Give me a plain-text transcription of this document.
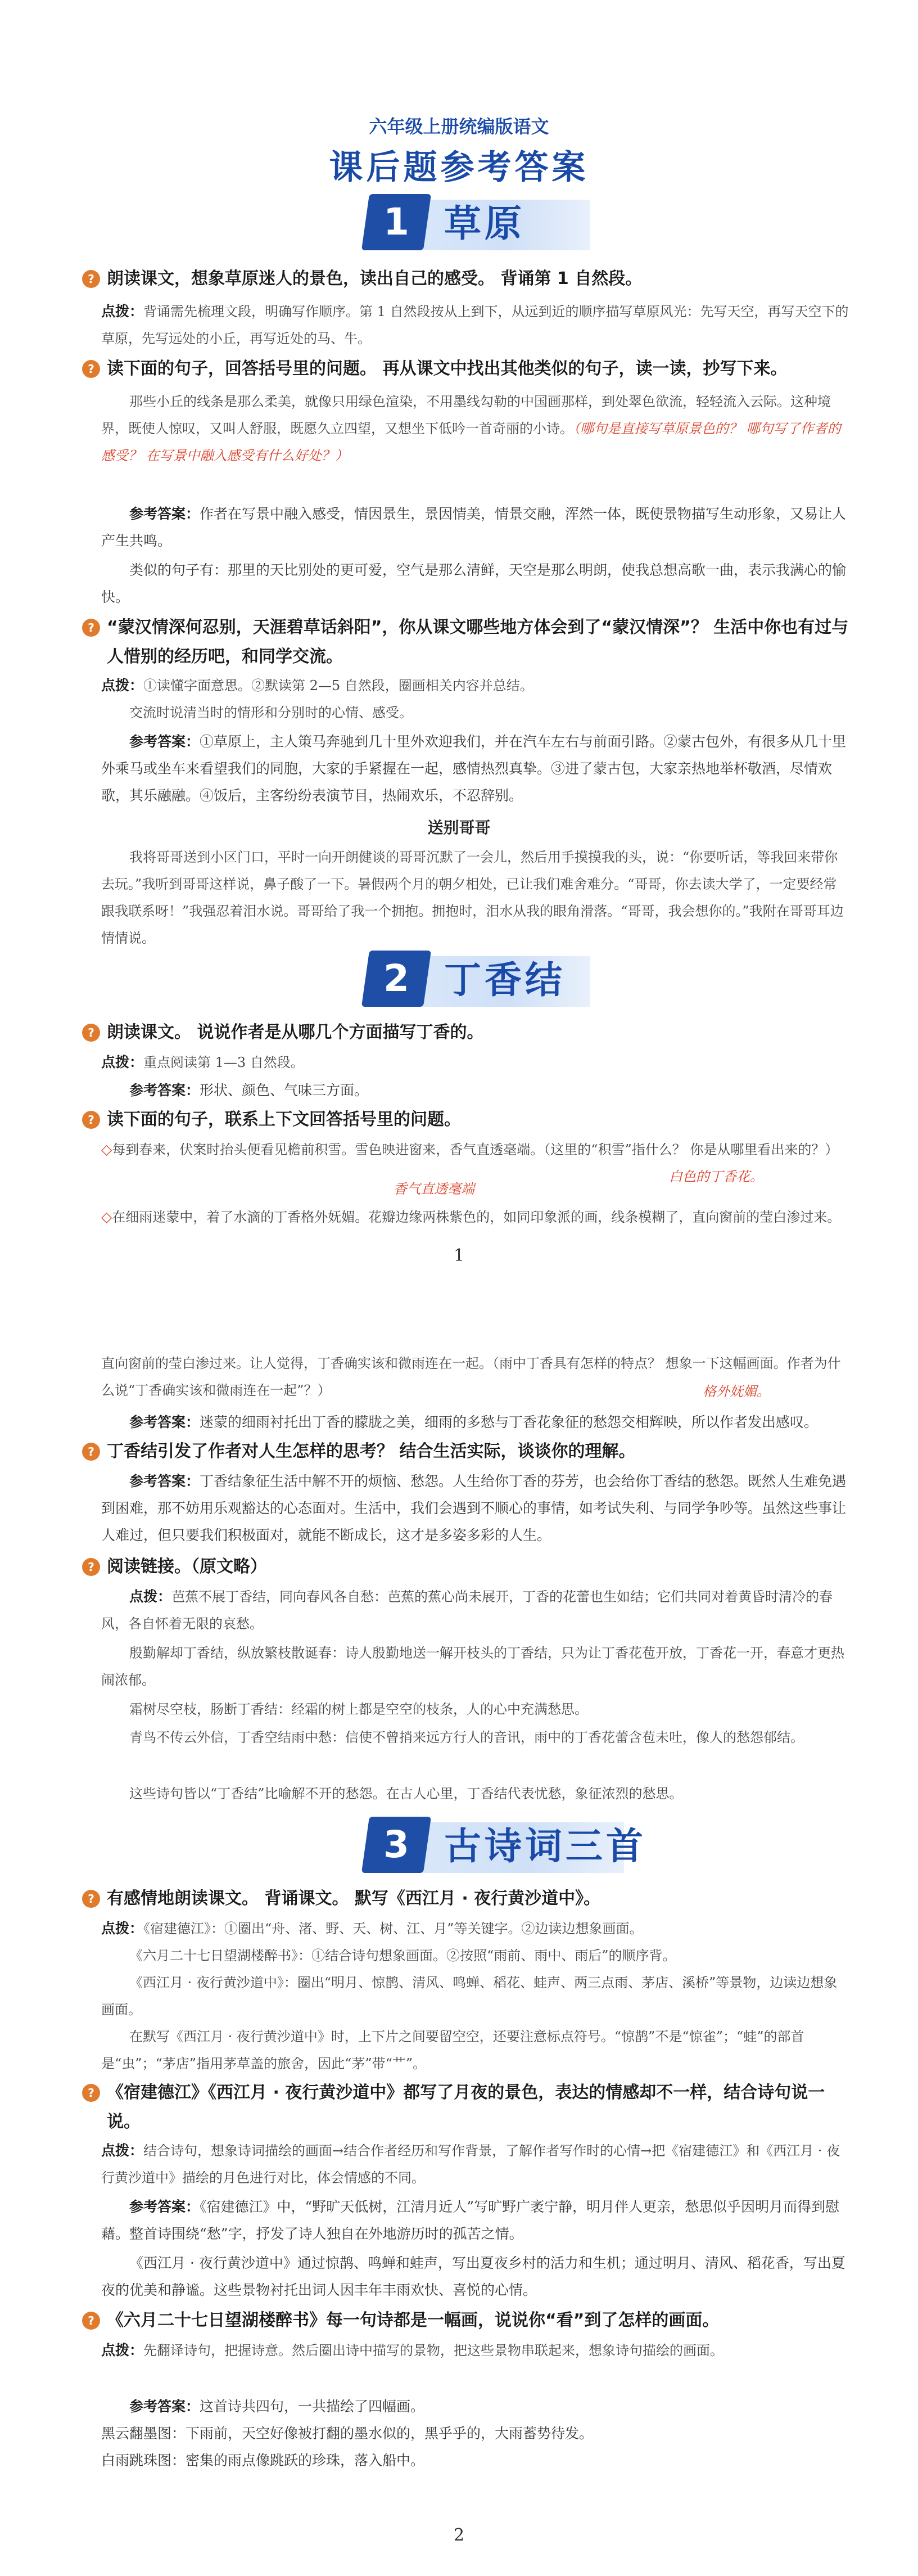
六年级上册统编版语文
课后题参考答案
1 草原
? 朗读课文，想象草原迷人的景色，读出自己的感受。 背诵第 1 自然段。
点拨：背诵需先梳理文段，明确写作顺序。第 1 自然段按从上到下，从远到近的顺序描写草原风光：先写天空，再写天空下的草原，先写远处的小丘，再写近处的马、牛。
? 读下面的句子，回答括号里的问题。 再从课文中找出其他类似的句子，读一读，抄写下来。
那些小丘的线条是那么柔美，就像只用绿色渲染，不用墨线勾勒的中国画那样，到处翠色欲流，轻轻流入云际。这种境界，既使人惊叹，又叫人舒服，既愿久立四望，又想坐下低吟一首奇丽的小诗。（哪句是直接写草原景色的？ 哪句写了作者的感受？ 在写景中融入感受有什么好处？）
参考答案：作者在写景中融入感受，情因景生，景因情美，情景交融，浑然一体，既使景物描写生动形象，又易让人产生共鸣。
类似的句子有：那里的天比别处的更可爱，空气是那么清鲜，天空是那么明朗，使我总想高歌一曲，表示我满心的愉快。
? “蒙汉情深何忍别，天涯碧草话斜阳”，你从课文哪些地方体会到了“蒙汉情深”？ 生活中你也有过与人惜别的经历吧，和同学交流。
点拨：①读懂字面意思。②默读第 2—5 自然段，圈画相关内容并总结。
交流时说清当时的情形和分别时的心情、感受。
参考答案：①草原上，主人策马奔驰到几十里外欢迎我们，并在汽车左右与前面引路。②蒙古包外，有很多从几十里外乘马或坐车来看望我们的同胞，大家的手紧握在一起，感情热烈真挚。③进了蒙古包，大家亲热地举杯敬酒，尽情欢歌，其乐融融。④饭后，主客纷纷表演节目，热闹欢乐，不忍辞别。
送别哥哥
我将哥哥送到小区门口，平时一向开朗健谈的哥哥沉默了一会儿，然后用手摸摸我的头，说：“你要听话，等我回来带你去玩。”我听到哥哥这样说，鼻子酸了一下。暑假两个月的朝夕相处，已让我们难舍难分。“哥哥，你去读大学了，一定要经常跟我联系呀！”我强忍着泪水说。哥哥给了我一个拥抱。拥抱时，泪水从我的眼角滑落。“哥哥，我会想你的。”我附在哥哥耳边情情说。
2 丁香结
? 朗读课文。 说说作者是从哪几个方面描写丁香的。
点拨：重点阅读第 1—3 自然段。
参考答案：形状、颜色、气味三方面。
? 读下面的句子，联系上下文回答括号里的问题。
◇每到春来，伏案时抬头便看见檐前积雪。雪色映进窗来，香气直透毫端。（这里的“积雪”指什么？ 你是从哪里看出来的？）
白色的丁香花。
香气直透毫端
◇在细雨迷蒙中，着了水滴的丁香格外妩媚。花瓣边缘两株紫色的，如同印象派的画，线条模糊了，直向窗前的莹白渗过来。
1
直向窗前的莹白渗过来。让人觉得，丁香确实该和微雨连在一起。（雨中丁香具有怎样的特点？ 想象一下这幅画面。作者为什么说“丁香确实该和微雨连在一起”？）	格外妩媚。
参考答案：迷蒙的细雨衬托出丁香的朦胧之美，细雨的多愁与丁香花象征的愁怨交相辉映，所以作者发出感叹。
? 丁香结引发了作者对人生怎样的思考？ 结合生活实际，谈谈你的理解。
参考答案：丁香结象征生活中解不开的烦恼、愁怨。人生给你丁香的芬芳，也会给你丁香结的愁怨。既然人生难免遇到困难，那不妨用乐观豁达的心态面对。生活中，我们会遇到不顺心的事情，如考试失利、与同学争吵等。虽然这些事让人难过，但只要我们积极面对，就能不断成长，这才是多姿多彩的人生。
? 阅读链接。（原文略）
点拨：芭蕉不展丁香结，同向春风各自愁：芭蕉的蕉心尚未展开，丁香的花蕾也生如结；它们共同对着黄昏时清冷的春风，各自怀着无限的哀愁。
殷勤解却丁香结，纵放繁枝散诞春：诗人殷勤地送一解开枝头的丁香结，只为让丁香花苞开放，丁香花一开，春意才更热闹浓郁。
霜树尽空枝，肠断丁香结：经霜的树上都是空空的枝条，人的心中充满愁思。
青鸟不传云外信，丁香空结雨中愁：信使不曾捎来远方行人的音讯，雨中的丁香花蕾含苞未吐，像人的愁怨郁结。
这些诗句皆以“丁香结”比喻解不开的愁怨。在古人心里，丁香结代表忧愁，象征浓烈的愁思。
3 古诗词三首
? 有感情地朗读课文。 背诵课文。 默写《西江月 · 夜行黄沙道中》。
点拨：《宿建德江》：①圈出“舟、渚、野、天、树、江、月”等关键字。②边读边想象画面。
《六月二十七日望湖楼醉书》：①结合诗句想象画面。②按照“雨前、雨中、雨后”的顺序背。
《西江月 · 夜行黄沙道中》：圈出“明月、惊鹊、清风、鸣蝉、稻花、蛙声、两三点雨、茅店、溪桥”等景物，边读边想象画面。
在默写《西江月 · 夜行黄沙道中》时，上下片之间要留空空，还要注意标点符号。“惊鹊”不是“惊雀”；“蛙”的部首是“虫”；“茅店”指用茅草盖的旅舍，因此“茅”带“艹”。
? 《宿建德江》《西江月 · 夜行黄沙道中》都写了月夜的景色，表达的情感却不一样，结合诗句说一说。
点拨：结合诗句，想象诗词描绘的画面→结合作者经历和写作背景，了解作者写作时的心情→把《宿建德江》和《西江月 · 夜行黄沙道中》描绘的月色进行对比，体会情感的不同。
参考答案：《宿建德江》中，“野旷天低树，江清月近人”写旷野广袤宁静，明月伴人更亲，愁思似乎因明月而得到慰藉。整首诗围绕“愁”字，抒发了诗人独自在外地游历时的孤苦之情。
《西江月 · 夜行黄沙道中》通过惊鹊、鸣蝉和蛙声，写出夏夜乡村的活力和生机；通过明月、清风、稻花香，写出夏夜的优美和静谧。这些景物衬托出词人因丰年丰雨欢快、喜悦的心情。
? 《六月二十七日望湖楼醉书》每一句诗都是一幅画，说说你“看”到了怎样的画面。
点拨：先翻译诗句，把握诗意。然后圈出诗中描写的景物，把这些景物串联起来，想象诗句描绘的画面。
参考答案：这首诗共四句，一共描绘了四幅画。
黑云翻墨图：下雨前，天空好像被打翻的墨水似的，黑乎乎的，大雨蓄势待发。
白雨跳珠图：密集的雨点像跳跃的珍珠，落入船中。
2
